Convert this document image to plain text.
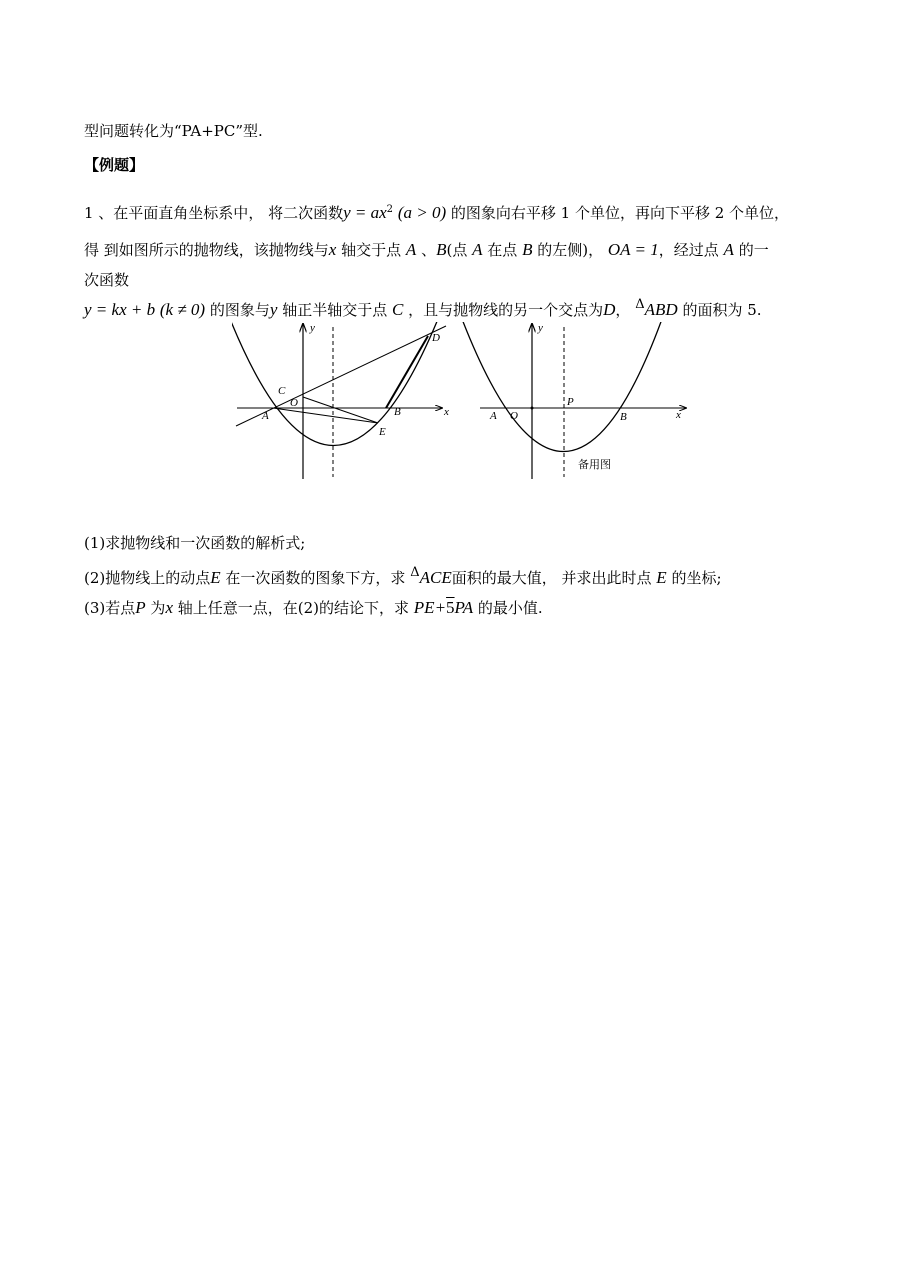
型问题转化为“PA+PC”型.
【例题】
1 、在平面直角坐标系中， 将二次函数$y = ax^2$ (a > 0) 的图象向右平移 1 个单位，再向下平移 2 个单位，
得 到如图所示的抛物线，该抛物线与x 轴交于点 A 、B(点 A 在点 B 的左侧)， OA = 1，经过点 A 的一
次函数
y = kx + b (k ≠ 0) 的图象与y 轴正半轴交于点 C ，且与抛物线的另一个交点为D， ΔABD 的面积为 5.
y
x
C
O
A	B
E
D
y
x
A O
P
B
备用图
(1)求抛物线和一次函数的解析式;
(2)抛物线上的动点E 在一次函数的图象下方，求 ΔACE面积的最大值， 并求出此时点 E 的坐标;
(3)若点P 为x 轴上任意一点，在(2)的结论下，求 PE+5PA 的最小值.
